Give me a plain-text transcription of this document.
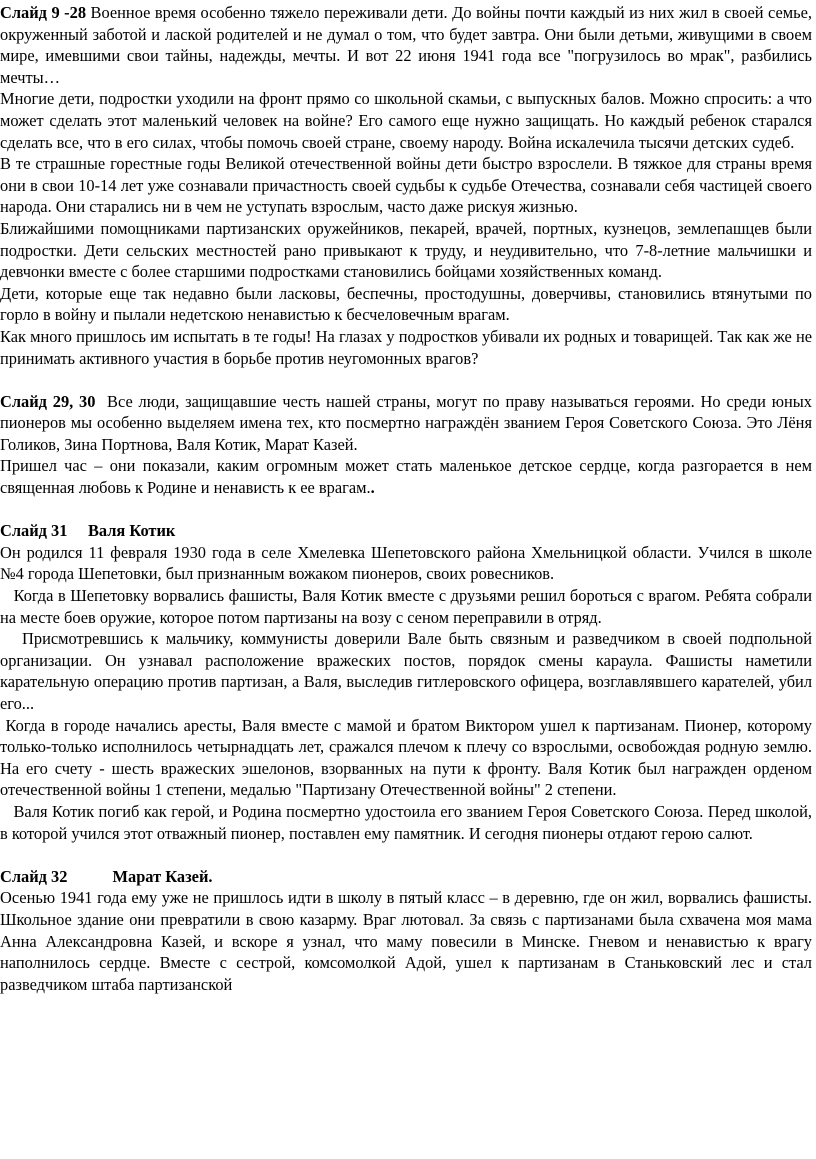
Слайд 9 -28 Военное время особенно тяжело переживали дети. До войны почти каждый из них жил в своей семье, окруженный заботой и лаской родителей и не думал о том, что будет завтра. Они были детьми, живущими в своем мире, имевшими свои тайны, надежды, мечты. И вот 22 июня 1941 года все "погрузилось во мрак", разбились мечты…

Многие дети, подростки уходили на фронт прямо со школьной скамьи, с выпускных балов. Можно спросить: а что может сделать этот маленький человек на войне? Его самого еще нужно защищать. Но каждый ребенок старался сделать все, что в его силах, чтобы помочь своей стране, своему народу. Война искалечила тысячи детских судеб.

В те страшные горестные годы Великой отечественной войны дети быстро взрослели. В тяжкое для страны время они в свои 10-14 лет уже сознавали причастность своей судьбы к судьбе Отечества, сознавали себя частицей своего народа. Они старались ни в чем не уступать взрослым, часто даже рискуя жизнью.

Ближайшими помощниками партизанских оружейников, пекарей, врачей, портных, кузнецов, землепашцев были подростки. Дети сельских местностей рано привыкают к труду, и неудивительно, что 7-8-летние мальчишки и девчонки вместе с более старшими подростками становились бойцами хозяйственных команд.

Дети, которые еще так недавно были ласковы, беспечны, простодушны, доверчивы, становились втянутыми по горло в войну и пылали недетскою ненавистью к бесчеловечным врагам.

Как много пришлось им испытать в те годы! На глазах у подростков убивали их родных и товарищей. Так как же не принимать активного участия в борьбе против неугомонных врагов?

Слайд 29, 30 Все люди, защищавшие честь нашей страны, могут по праву называться героями. Но среди юных пионеров мы особенно выделяем имена тех, кто посмертно награждён званием Героя Советского Союза. Это Лёня Голиков, Зина Портнова, Валя Котик, Марат Казей.

Пришел час – они показали, каким огромным может стать маленькое детское сердце, когда разгорается в нем священная любовь к Родине и ненависть к ее врагам..

Слайд 31     Валя Котик

Он родился 11 февраля 1930 года в селе Хмелевка Шепетовского района Хмельницкой области. Учился в школе №4 города Шепетовки, был признанным вожаком пионеров, своих ровесников.

Когда в Шепетовку ворвались фашисты, Валя Котик вместе с друзьями решил бороться с врагом. Ребята собрали на месте боев оружие, которое потом партизаны на возу с сеном переправили в отряд.

Присмотревшись к мальчику, коммунисты доверили Вале быть связным и разведчиком в своей подпольной организации. Он узнавал расположение вражеских постов, порядок смены караула. Фашисты наметили карательную операцию против партизан, а Валя, выследив гитлеровского офицера, возглавлявшего карателей, убил его...

Когда в городе начались аресты, Валя вместе с мамой и братом Виктором ушел к партизанам. Пионер, которому только-только исполнилось четырнадцать лет, сражался плечом к плечу со взрослыми, освобождая родную землю. На его счету - шесть вражеских эшелонов, взорванных на пути к фронту. Валя Котик был награжден орденом отечественной войны 1 степени, медалью "Партизану Отечественной войны" 2 степени.

Валя Котик погиб как герой, и Родина посмертно удостоила его званием Героя Советского Союза. Перед школой, в которой учился этот отважный пионер, поставлен ему памятник. И сегодня пионеры отдают герою салют.

Слайд 32           Марат Казей.

Осенью 1941 года ему уже не пришлось идти в школу в пятый класс – в деревню, где он жил, ворвались фашисты. Школьное здание они превратили в свою казарму. Враг лютовал. За связь с партизанами была схвачена моя мама Анна Александровна Казей, и вскоре я узнал, что маму повесили в Минске. Гневом и ненавистью к врагу наполнилось сердце. Вместе с сестрой, комсомолкой Адой, ушел к партизанам в Станьковский лес и стал разведчиком штаба партизанской
